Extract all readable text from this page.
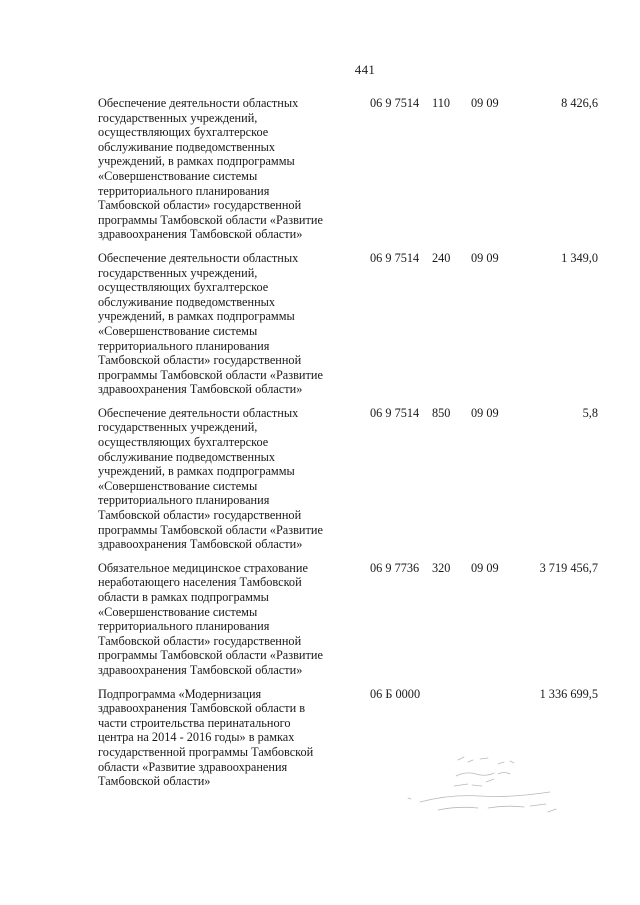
441
Обеспечение деятельности областных
государственных учреждений,
осуществляющих бухгалтерское
обслуживание подведомственных
учреждений, в рамках подпрограммы
«Совершенствование системы
территориального планирования
Тамбовской области» государственной
программы Тамбовской области «Развитие
здравоохранения Тамбовской области»
06 9 7514 110 09 09	8 426,6
Обеспечение деятельности областных
государственных учреждений,
осуществляющих бухгалтерское
обслуживание подведомственных
учреждений, в рамках подпрограммы
«Совершенствование системы
территориального планирования
Тамбовской области» государственной
программы Тамбовской области «Развитие
здравоохранения Тамбовской области»
06 9 7514 240 09 09	1 349,0
Обеспечение деятельности областных
государственных учреждений,
осуществляющих бухгалтерское
обслуживание подведомственных
учреждений, в рамках подпрограммы
«Совершенствование системы
территориального планирования
Тамбовской области» государственной
программы Тамбовской области «Развитие
здравоохранения Тамбовской области»
06 9 7514 850 09 09	5,8
Обязательное медицинское страхование
неработающего населения Тамбовской
области в рамках подпрограммы
«Совершенствование системы
территориального планирования
Тамбовской области» государственной
программы Тамбовской области «Развитие
здравоохранения Тамбовской области»
06 9 7736 320 09 09	3 719 456,7
Подпрограмма «Модернизация
здравоохранения Тамбовской области в
части строительства перинатального
центра на 2014 - 2016 годы» в рамках
государственной программы Тамбовской
области «Развитие здравоохранения
Тамбовской области»
06 Б 0000	1 336 699,5
